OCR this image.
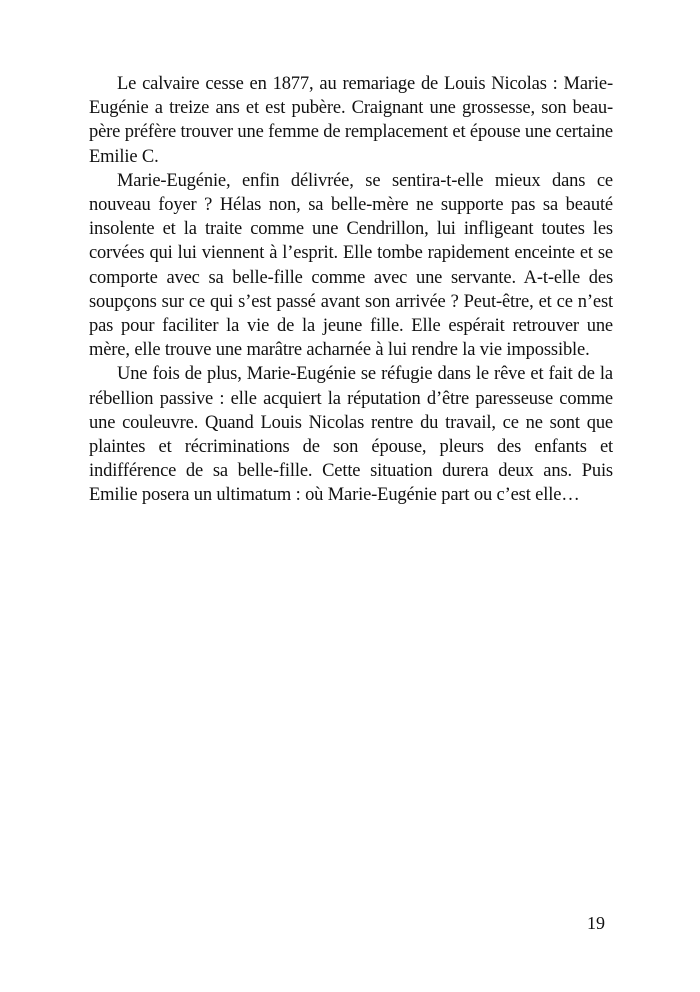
Le calvaire cesse en 1877, au remariage de Louis Nicolas : Marie-Eugénie a treize ans et est pubère. Craignant une grossesse, son beau-père préfère trouver une femme de remplacement et épouse une certaine Emilie C.

Marie-Eugénie, enfin délivrée, se sentira-t-elle mieux dans ce nouveau foyer ? Hélas non, sa belle-mère ne supporte pas sa beauté insolente et la traite comme une Cendrillon, lui infligeant toutes les corvées qui lui viennent à l’esprit. Elle tombe rapidement enceinte et se comporte avec sa belle-fille comme avec une servante. A-t-elle des soupçons sur ce qui s’est passé avant son arrivée ? Peut-être, et ce n’est pas pour faciliter la vie de la jeune fille. Elle espérait retrouver une mère, elle trouve une marâtre acharnée à lui rendre la vie impossible.

Une fois de plus, Marie-Eugénie se réfugie dans le rêve et fait de la rébellion passive : elle acquiert la réputation d’être paresseuse comme une couleuvre. Quand Louis Nicolas rentre du travail, ce ne sont que plaintes et récriminations de son épouse, pleurs des enfants et indifférence de sa belle-fille. Cette situation durera deux ans. Puis Emilie posera un ultimatum : où Marie-Eugénie part ou c’est elle…

19
